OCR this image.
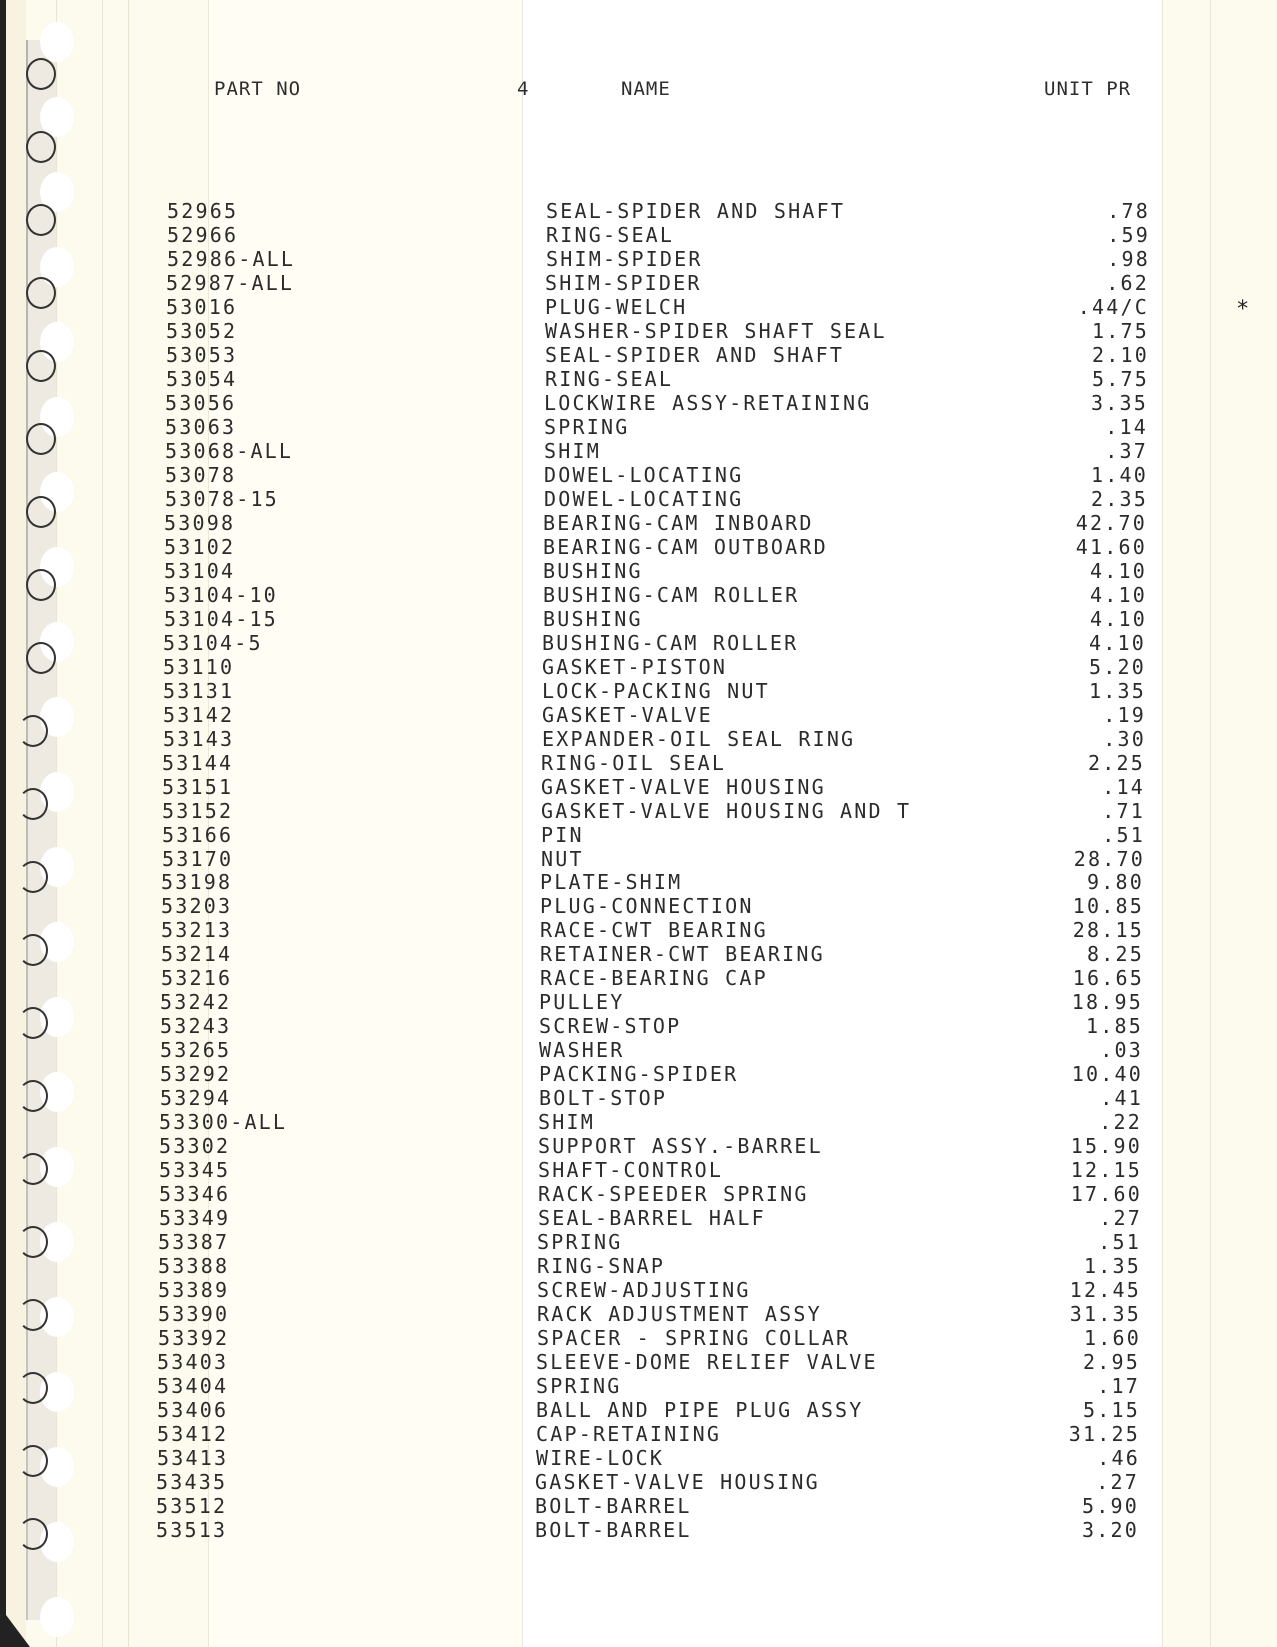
PART NO	4	NAME	UNIT PR
52965	SEAL-SPIDER AND SHAFT	.78
52966	RING-SEAL	.59
52986-ALL	SHIM-SPIDER	.98
52987-ALL	SHIM-SPIDER	.62
53016	PLUG-WELCH	.44/C
53052	WASHER-SPIDER SHAFT SEAL	1.75
53053	SEAL-SPIDER AND SHAFT	2.10
53054	RING-SEAL	5.75
53056	LOCKWIRE ASSY-RETAINING	3.35
53063	SPRING	.14
53068-ALL	SHIM	.37
53078	DOWEL-LOCATING	1.40
53078-15	DOWEL-LOCATING	2.35
53098	BEARING-CAM INBOARD	42.70
53102	BEARING-CAM OUTBOARD	41.60
53104	BUSHING	4.10
53104-10	BUSHING-CAM ROLLER	4.10
53104-15	BUSHING	4.10
53104-5	BUSHING-CAM ROLLER	4.10
53110	GASKET-PISTON	5.20
53131	LOCK-PACKING NUT	1.35
53142	GASKET-VALVE	.19
53143	EXPANDER-OIL SEAL RING	.30
53144	RING-OIL SEAL	2.25
53151	GASKET-VALVE HOUSING	.14
53152	GASKET-VALVE HOUSING AND T	.71
53166	PIN	.51
53170	NUT	28.70
53198	PLATE-SHIM	9.80
53203	PLUG-CONNECTION	10.85
53213	RACE-CWT BEARING	28.15
53214	RETAINER-CWT BEARING	8.25
53216	RACE-BEARING CAP	16.65
53242	PULLEY	18.95
53243	SCREW-STOP	1.85
53265	WASHER	.03
53292	PACKING-SPIDER	10.40
53294	BOLT-STOP	.41
53300-ALL	SHIM	.22
53302	SUPPORT ASSY.-BARREL	15.90
53345	SHAFT-CONTROL	12.15
53346	RACK-SPEEDER SPRING	17.60
53349	SEAL-BARREL HALF	.27
53387	SPRING	.51
53388	RING-SNAP	1.35
53389	SCREW-ADJUSTING	12.45
53390	RACK ADJUSTMENT ASSY	31.35
53392	SPACER - SPRING COLLAR	1.60
53403	SLEEVE-DOME RELIEF VALVE	2.95
53404	SPRING	.17
53406	BALL AND PIPE PLUG ASSY	5.15
53412	CAP-RETAINING	31.25
53413	WIRE-LOCK	.46
53435	GASKET-VALVE HOUSING	.27
53512	BOLT-BARREL	5.90
53513	BOLT-BARREL	3.20
*
